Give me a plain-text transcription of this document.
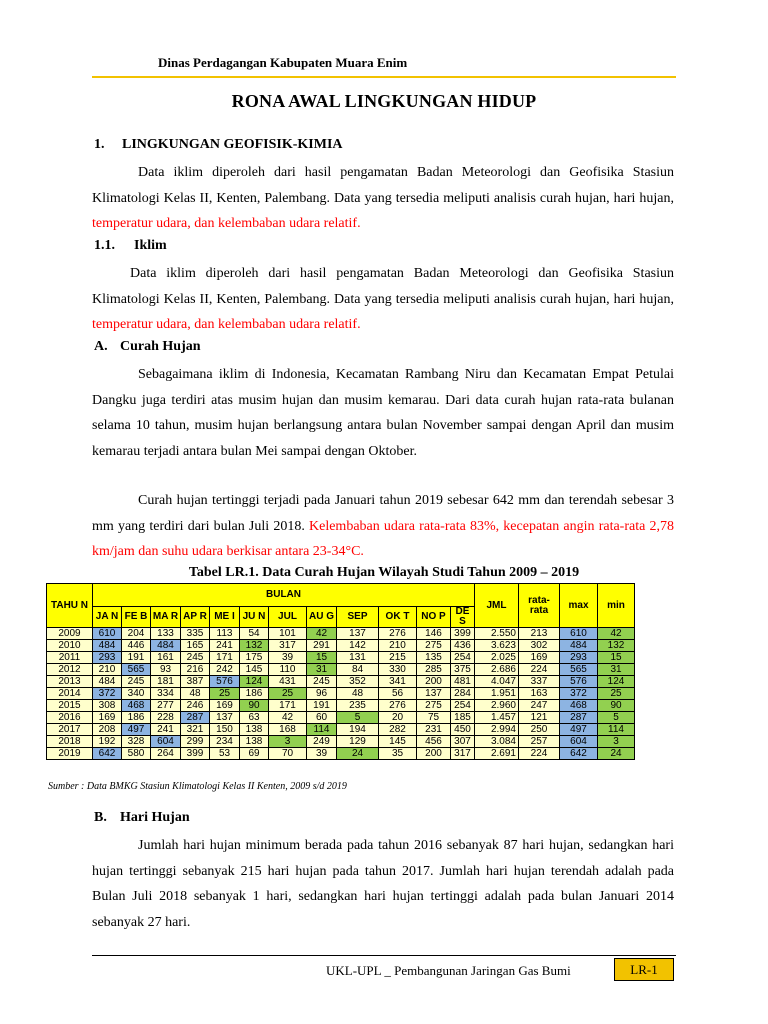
Dinas Perdagangan Kabupaten Muara Enim
RONA AWAL LINGKUNGAN HIDUP
1. LINGKUNGAN GEOFISIK-KIMIA
Data iklim diperoleh dari hasil pengamatan Badan Meteorologi dan Geofisika Stasiun Klimatologi Kelas II, Kenten, Palembang. Data yang tersedia meliputi analisis curah hujan, hari hujan, temperatur udara, dan kelembaban udara relatif.
1.1. Iklim
Data iklim diperoleh dari hasil pengamatan Badan Meteorologi dan Geofisika Stasiun Klimatologi Kelas II, Kenten, Palembang. Data yang tersedia meliputi analisis curah hujan, hari hujan, temperatur udara, dan kelembaban udara relatif.
A. Curah Hujan
Sebagaimana iklim di Indonesia, Kecamatan Rambang Niru dan Kecamatan Empat Petulai Dangku juga terdiri atas musim hujan dan musim kemarau. Dari data curah hujan rata-rata bulanan selama 10 tahun, musim hujan berlangsung antara bulan November sampai dengan April dan musim kemarau terjadi antara bulan Mei sampai dengan Oktober.
Curah hujan tertinggi terjadi pada Januari tahun 2019 sebesar 642 mm dan terendah sebesar 3 mm yang terdiri dari bulan Juli 2018. Kelembaban udara rata-rata 83%, kecepatan angin rata-rata 2,78 km/jam dan suhu udara berkisar antara 23-34°C.
Tabel LR.1. Data Curah Hujan Wilayah Studi Tahun 2009 – 2019
TAHU N	BULAN												JML	rata- rata	max	min
	JA N	FE B	MA R	AP R	ME I	JU N	JUL	AU G	SEP	OK T	NO P	DE S				
2009	610	204	133	335	113	54	101	42	137	276	146	399	2.550	213	610	42
2010	484	446	484	165	241	132	317	291	142	210	275	436	3.623	302	484	132
2011	293	191	161	245	171	175	39	15	131	215	135	254	2.025	169	293	15
2012	210	565	93	216	242	145	110	31	84	330	285	375	2.686	224	565	31
2013	484	245	181	387	576	124	431	245	352	341	200	481	4.047	337	576	124
2014	372	340	334	48	25	186	25	96	48	56	137	284	1.951	163	372	25
2015	308	468	277	246	169	90	171	191	235	276	275	254	2.960	247	468	90
2016	169	186	228	287	137	63	42	60	5	20	75	185	1.457	121	287	5
2017	208	497	241	321	150	138	168	114	194	282	231	450	2.994	250	497	114
2018	192	328	604	299	234	138	3	249	129	145	456	307	3.084	257	604	3
2019	642	580	264	399	53	69	70	39	24	35	200	317	2.691	224	642	24
Sumber : Data BMKG Stasiun Klimatologi Kelas II Kenten, 2009 s/d 2019
B. Hari Hujan
Jumlah hari hujan minimum berada pada tahun 2016 sebanyak 87 hari hujan, sedangkan hari hujan tertinggi sebanyak 215 hari hujan pada tahun 2017. Jumlah hari hujan terendah adalah pada Bulan Juli 2018 sebanyak 1 hari, sedangkan hari hujan tertinggi adalah pada bulan Januari 2014 sebanyak 27 hari.
UKL-UPL _ Pembangunan Jaringan Gas Bumi	LR-1
